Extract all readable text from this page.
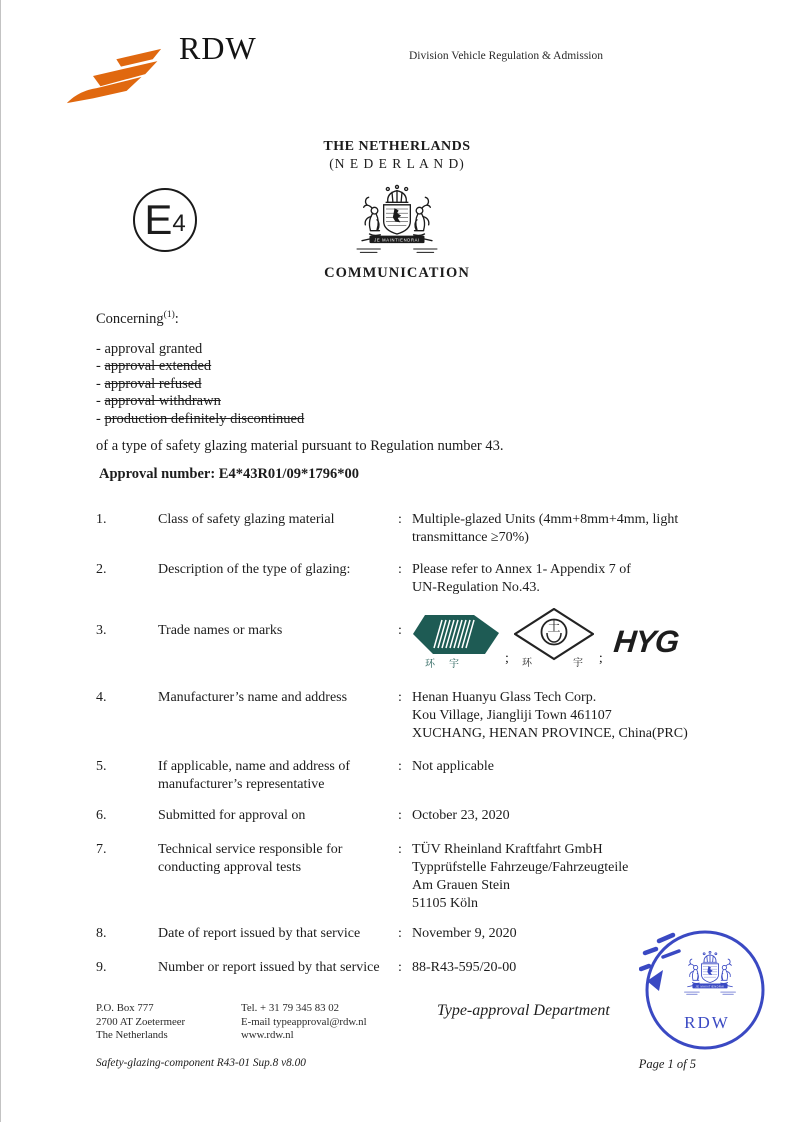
RDW	Division Vehicle Regulation & Admission
THE NETHERLANDS
(N E D E R L A N D)
E 4
COMMUNICATION
Concerning$^{(1)}$:
- approval granted
- approval extended
- approval refused
- approval withdrawn
- production definitely discontinued
of a type of safety glazing material pursuant to Regulation number 43.
Approval number: E4*43R01/09*1796*00
1.	Class of safety glazing material	: Multiple-glazed Units (4mm+8mm+4mm, light
transmittance ≥70%)
2.	Description of the type of glazing:	: Please refer to Annex 1- Appendix 7 of
UN-Regulation No.43.
3.	Trade names or marks	:
环宇 ;
土
环	宇 ; HYG
4.	Manufacturer’s name and address	: Henan Huanyu Glass Tech Corp.
Kou Village, Jiangliji Town 461107
XUCHANG, HENAN PROVINCE, China(PRC)
5.	If applicable, name and address of manufacturer’s representative
: Not applicable
6.	Submitted for approval on	: October 23, 2020
7.	Technical service responsible for conducting approval tests
: TÜV Rheinland Kraftfahrt GmbH
Typprüfstelle Fahrzeuge/Fahrzeugteile
Am Grauen Stein
51105 Köln
8.	Date of report issued by that service	: November 9, 2020
9.	Number or report issued by that service	: 88-R43-595/20-00
P.O. Box 777
2700 AT Zoetermeer
The Netherlands
Tel. + 31 79 345 83 02
E-mail typeapproval@rdw.nl
www.rdw.nl
Type-approval Department
RDW
Safety-glazing-component R43-01 Sup.8 v8.00	Page 1 of 5
